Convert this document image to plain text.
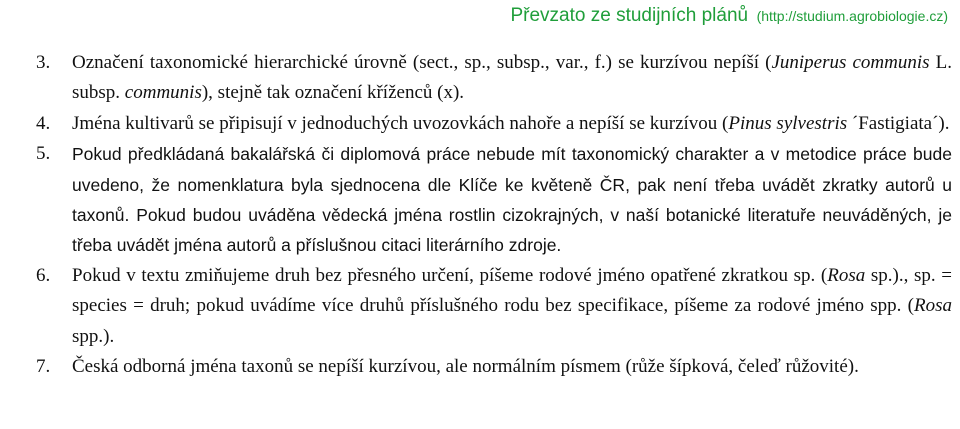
Převzato ze studijních plánů (http://studium.agrobiologie.cz)
3.	Označení taxonomické hierarchické úrovně (sect., sp., subsp., var., f.) se kurzívou nepíší (Juniperus communis L. subsp. communis), stejně tak označení kříženců (x).
4.	Jména kultivarů se připisují v jednoduchých uvozovkách nahoře a nepíší se kurzívou (Pinus sylvestris ´Fastigiata´).
5.	Pokud předkládaná bakalářská či diplomová práce nebude mít taxonomický charakter a v metodice práce bude uvedeno, že nomenklatura byla sjednocena dle Klíče ke květeně ČR, pak není třeba uvádět zkratky autorů u taxonů. Pokud budou uváděna vědecká jména rostlin cizokrajných, v naší botanické literatuře neuváděných, je třeba uvádět jména autorů a příslušnou citaci literárního zdroje.
6.	Pokud v textu zmiňujeme druh bez přesného určení, píšeme rodové jméno opatřené zkratkou sp. (Rosa sp.)., sp. = species = druh; pokud uvádíme více druhů příslušného rodu bez specifikace, píšeme za rodové jméno spp. (Rosa spp.).
7.	Česká odborná jména taxonů se nepíší kurzívou, ale normálním písmem (růže šípková, čeleď růžovité).
